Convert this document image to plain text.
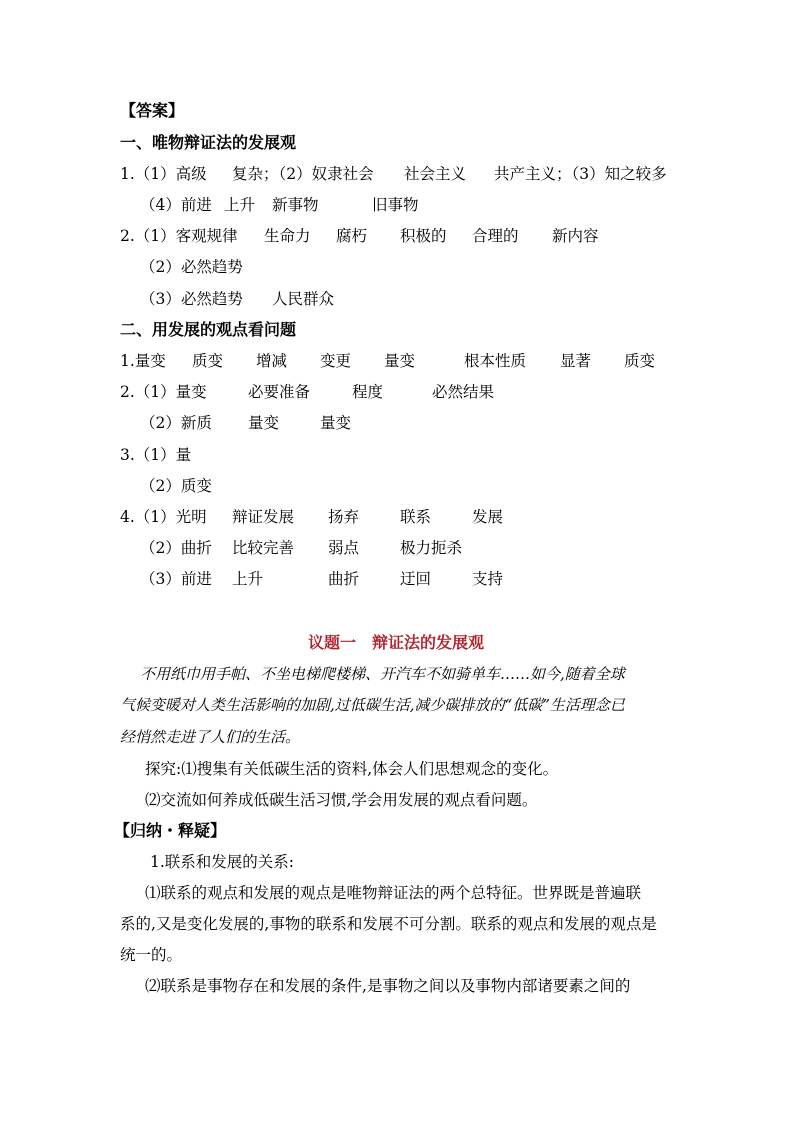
【答案】
一、唯物辩证法的发展观
1.（1）高级 复杂；（2）奴隶社会 社会主义 共产主义；（3）知之较多
（4）前进 上升 新事物	旧事物
2.（1）客观规律 生命力 腐朽 积极的 合理的 新内容
（2）必然趋势
（3）必然趋势 人民群众
二、用发展的观点看问题
1.量变 质变 增减 变更 量变	根本性质 显著 质变
2.（1）量变	必要准备	程度	必然结果
（2）新质 量变	量变
3.（1）量
（2）质变
4.（1）光明 辩证发展 扬弃	联系	发展
（2）曲折 比较完善 弱点	极力扼杀
（3）前进 上升	曲折	迂回	支持
议题一　辩证法的发展观
不用纸巾用手帕、不坐电梯爬楼梯、开汽车不如骑单车……如今,随着全球
气候变暖对人类生活影响的加剧,过低碳生活,减少碳排放的“低碳”生活理念已
经悄然走进了人们的生活。
探究:⑴搜集有关低碳生活的资料,体会人们思想观念的变化。
⑵交流如何养成低碳生活习惯,学会用发展的观点看问题。
【归纳・释疑】
1.联系和发展的关系:
⑴联系的观点和发展的观点是唯物辩证法的两个总特征。世界既是普遍联
系的,又是变化发展的,事物的联系和发展不可分割。联系的观点和发展的观点是
统一的。
⑵联系是事物存在和发展的条件,是事物之间以及事物内部诸要素之间的
